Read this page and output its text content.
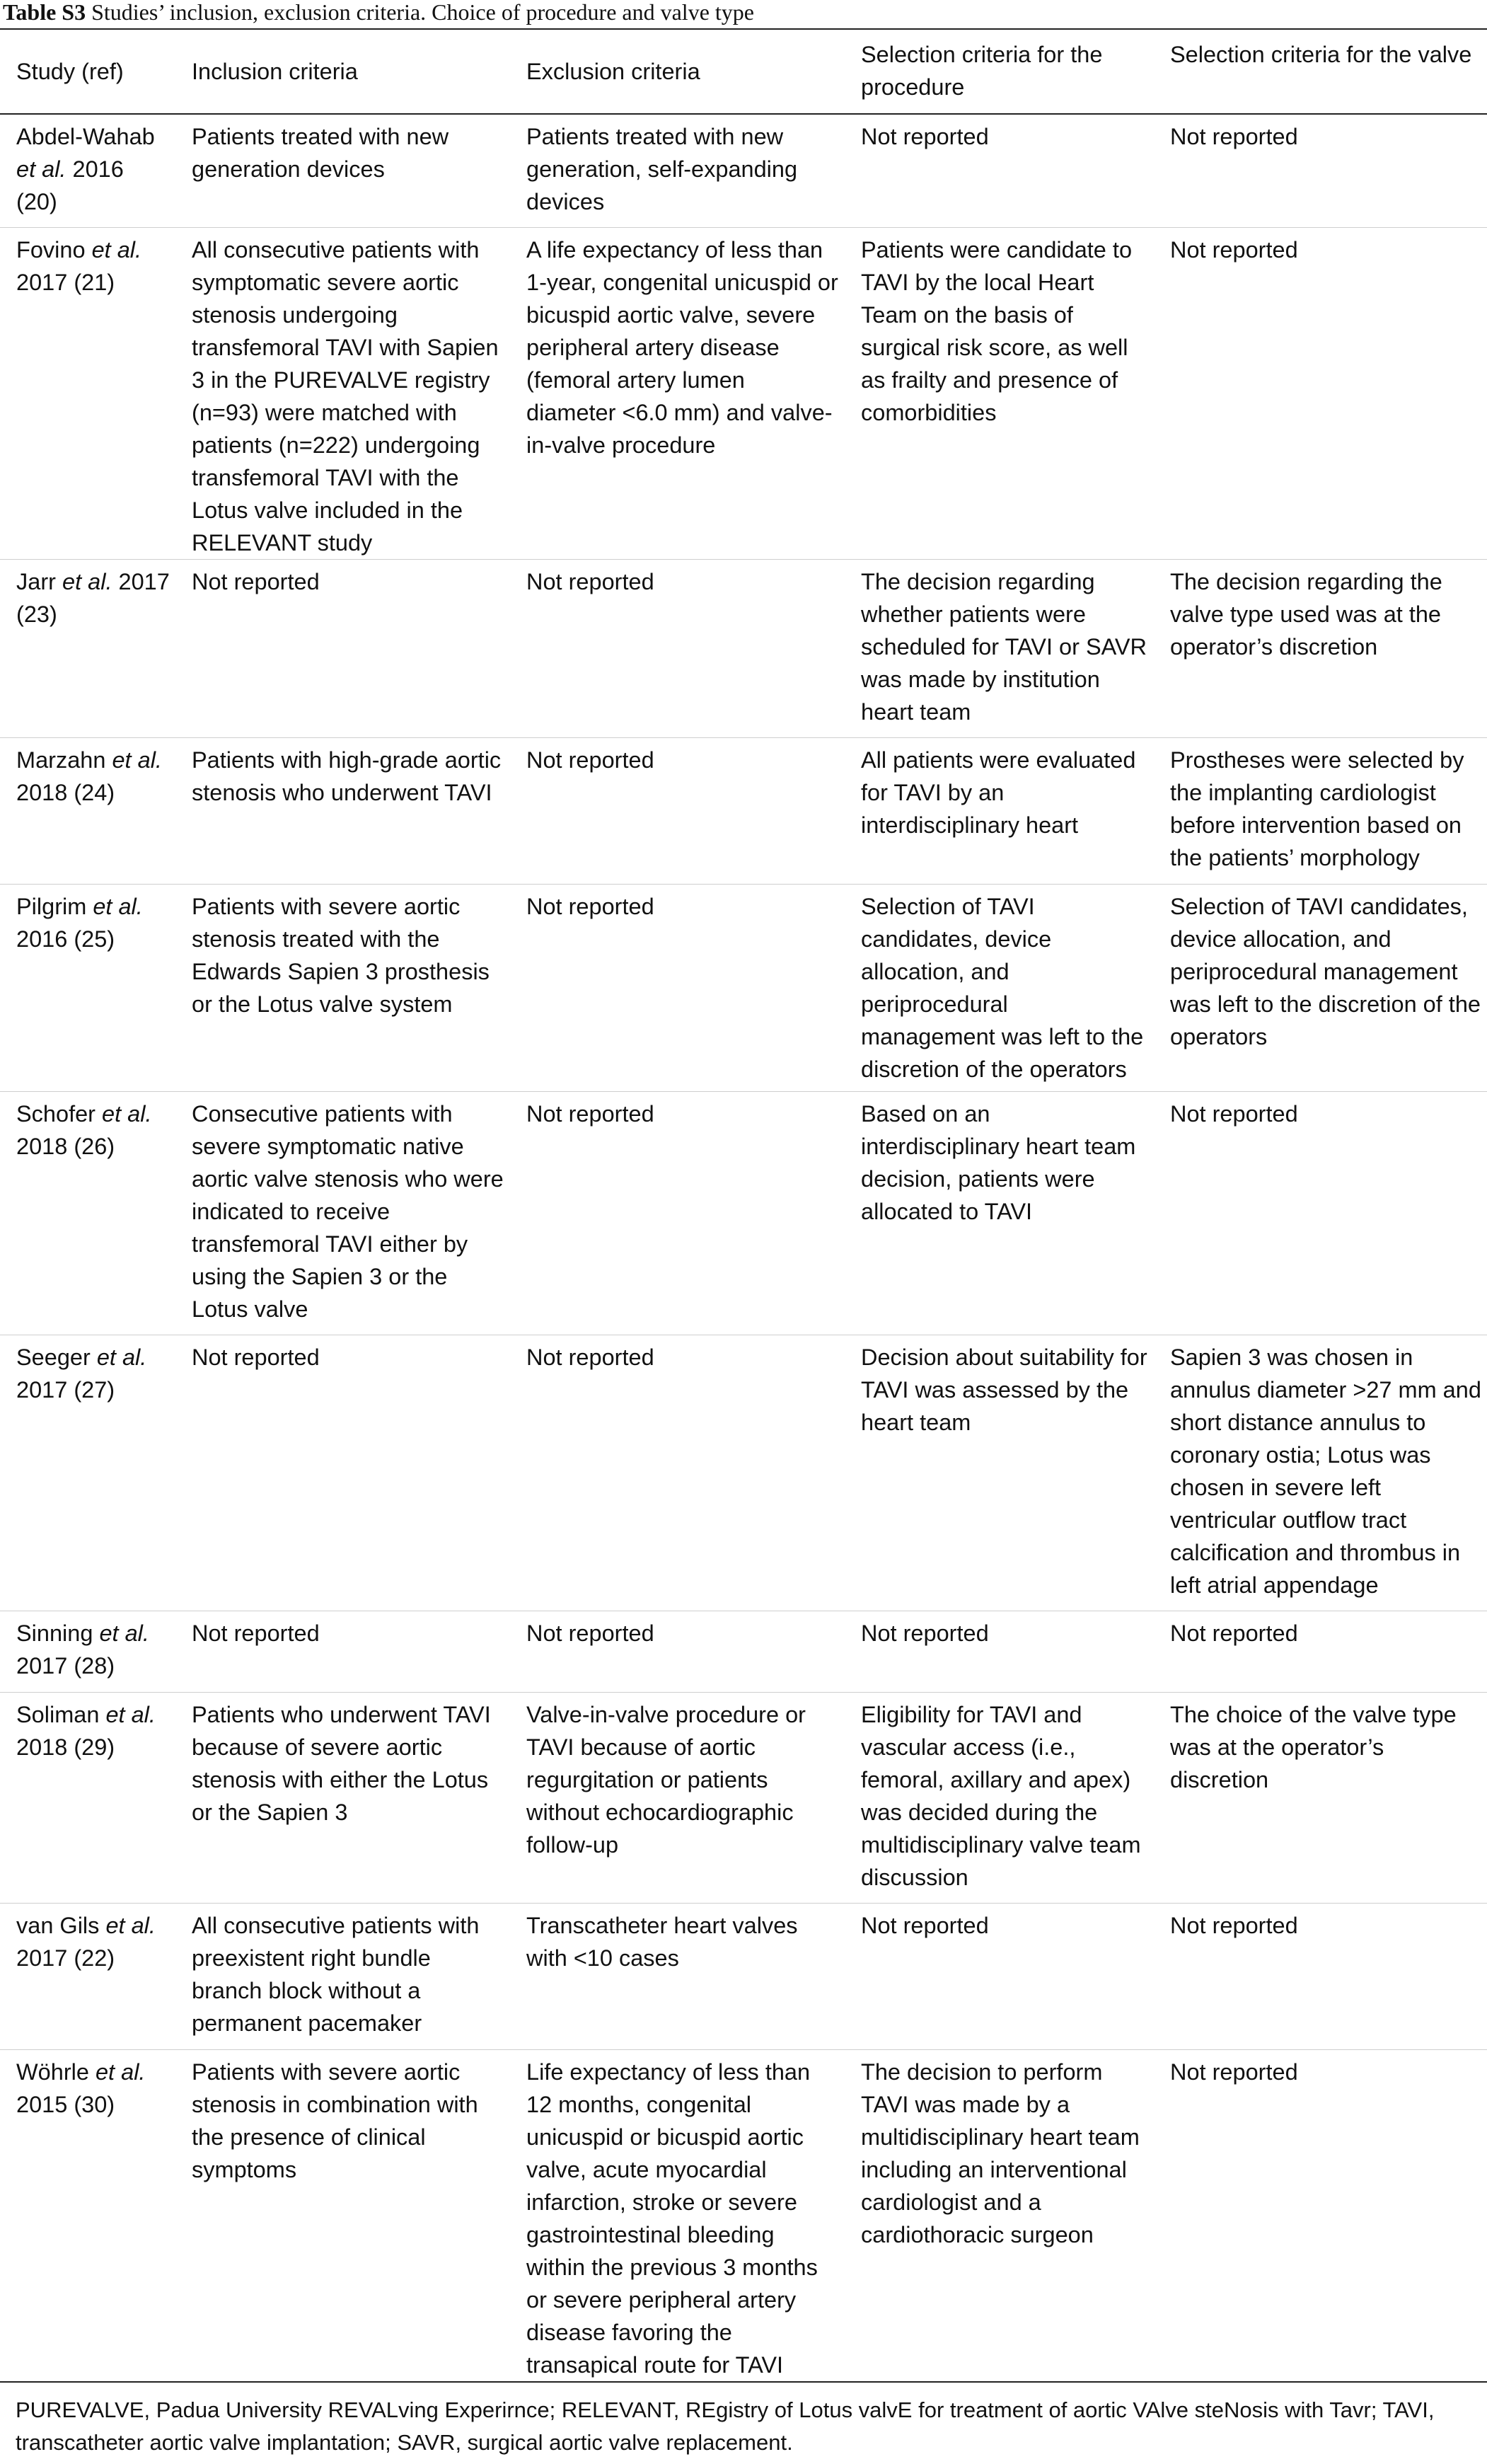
Table S3 Studies’ inclusion, exclusion criteria. Choice of procedure and valve type
Study (ref)	Inclusion criteria	Exclusion criteria	Selection criteria for the procedure	Selection criteria for the valve
Abdel-Wahab et al. 2016 (20)	Patients treated with new generation devices	Patients treated with new generation, self-expanding devices	Not reported	Not reported
Fovino et al. 2017 (21)	All consecutive patients with symptomatic severe aortic stenosis undergoing transfemoral TAVI with Sapien 3 in the PUREVALVE registry (n=93) were matched with patients (n=222) undergoing transfemoral TAVI with the Lotus valve included in the RELEVANT study	A life expectancy of less than 1-year, congenital unicuspid or bicuspid aortic valve, severe peripheral artery disease (femoral artery lumen diameter <6.0 mm) and valve-in-valve procedure	Patients were candidate to TAVI by the local Heart Team on the basis of surgical risk score, as well as frailty and presence of comorbidities	Not reported
Jarr et al. 2017 (23)	Not reported	Not reported	The decision regarding whether patients were scheduled for TAVI or SAVR was made by institution heart team	The decision regarding the valve type used was at the operator’s discretion
Marzahn et al. 2018 (24)	Patients with high-grade aortic stenosis who underwent TAVI	Not reported	All patients were evaluated for TAVI by an interdisciplinary heart	Prostheses were selected by the implanting cardiologist before intervention based on the patients’ morphology
Pilgrim et al. 2016 (25)	Patients with severe aortic stenosis treated with the Edwards Sapien 3 prosthesis or the Lotus valve system	Not reported	Selection of TAVI candidates, device allocation, and periprocedural management was left to the discretion of the operators	Selection of TAVI candidates, device allocation, and periprocedural management was left to the discretion of the operators
Schofer et al. 2018 (26)	Consecutive patients with severe symptomatic native aortic valve stenosis who were indicated to receive transfemoral TAVI either by using the Sapien 3 or the Lotus valve	Not reported	Based on an interdisciplinary heart team decision, patients were allocated to TAVI	Not reported
Seeger et al. 2017 (27)	Not reported	Not reported	Decision about suitability for TAVI was assessed by the heart team	Sapien 3 was chosen in annulus diameter >27 mm and short distance annulus to coronary ostia; Lotus was chosen in severe left ventricular outflow tract calcification and thrombus in left atrial appendage
Sinning et al. 2017 (28)	Not reported	Not reported	Not reported	Not reported
Soliman et al. 2018 (29)	Patients who underwent TAVI because of severe aortic stenosis with either the Lotus or the Sapien 3	Valve-in-valve procedure or TAVI because of aortic regurgitation or patients without echocardiographic follow-up	Eligibility for TAVI and vascular access (i.e., femoral, axillary and apex) was decided during the multidisciplinary valve team discussion	The choice of the valve type was at the operator’s discretion
van Gils et al. 2017 (22)	All consecutive patients with preexistent right bundle branch block without a permanent pacemaker	Transcatheter heart valves with <10 cases	Not reported	Not reported
Wöhrle et al. 2015 (30)	Patients with severe aortic stenosis in combination with the presence of clinical symptoms	Life expectancy of less than 12 months, congenital unicuspid or bicuspid aortic valve, acute myocardial infarction, stroke or severe gastrointestinal bleeding within the previous 3 months or severe peripheral artery disease favoring the transapical route for TAVI	The decision to perform TAVI was made by a multidisciplinary heart team including an interventional cardiologist and a cardiothoracic surgeon	Not reported
PUREVALVE, Padua University REVALving Experirnce; RELEVANT, REgistry of Lotus valvE for treatment of aortic VAlve steNosis with Tavr; TAVI, transcatheter aortic valve implantation; SAVR, surgical aortic valve replacement.
